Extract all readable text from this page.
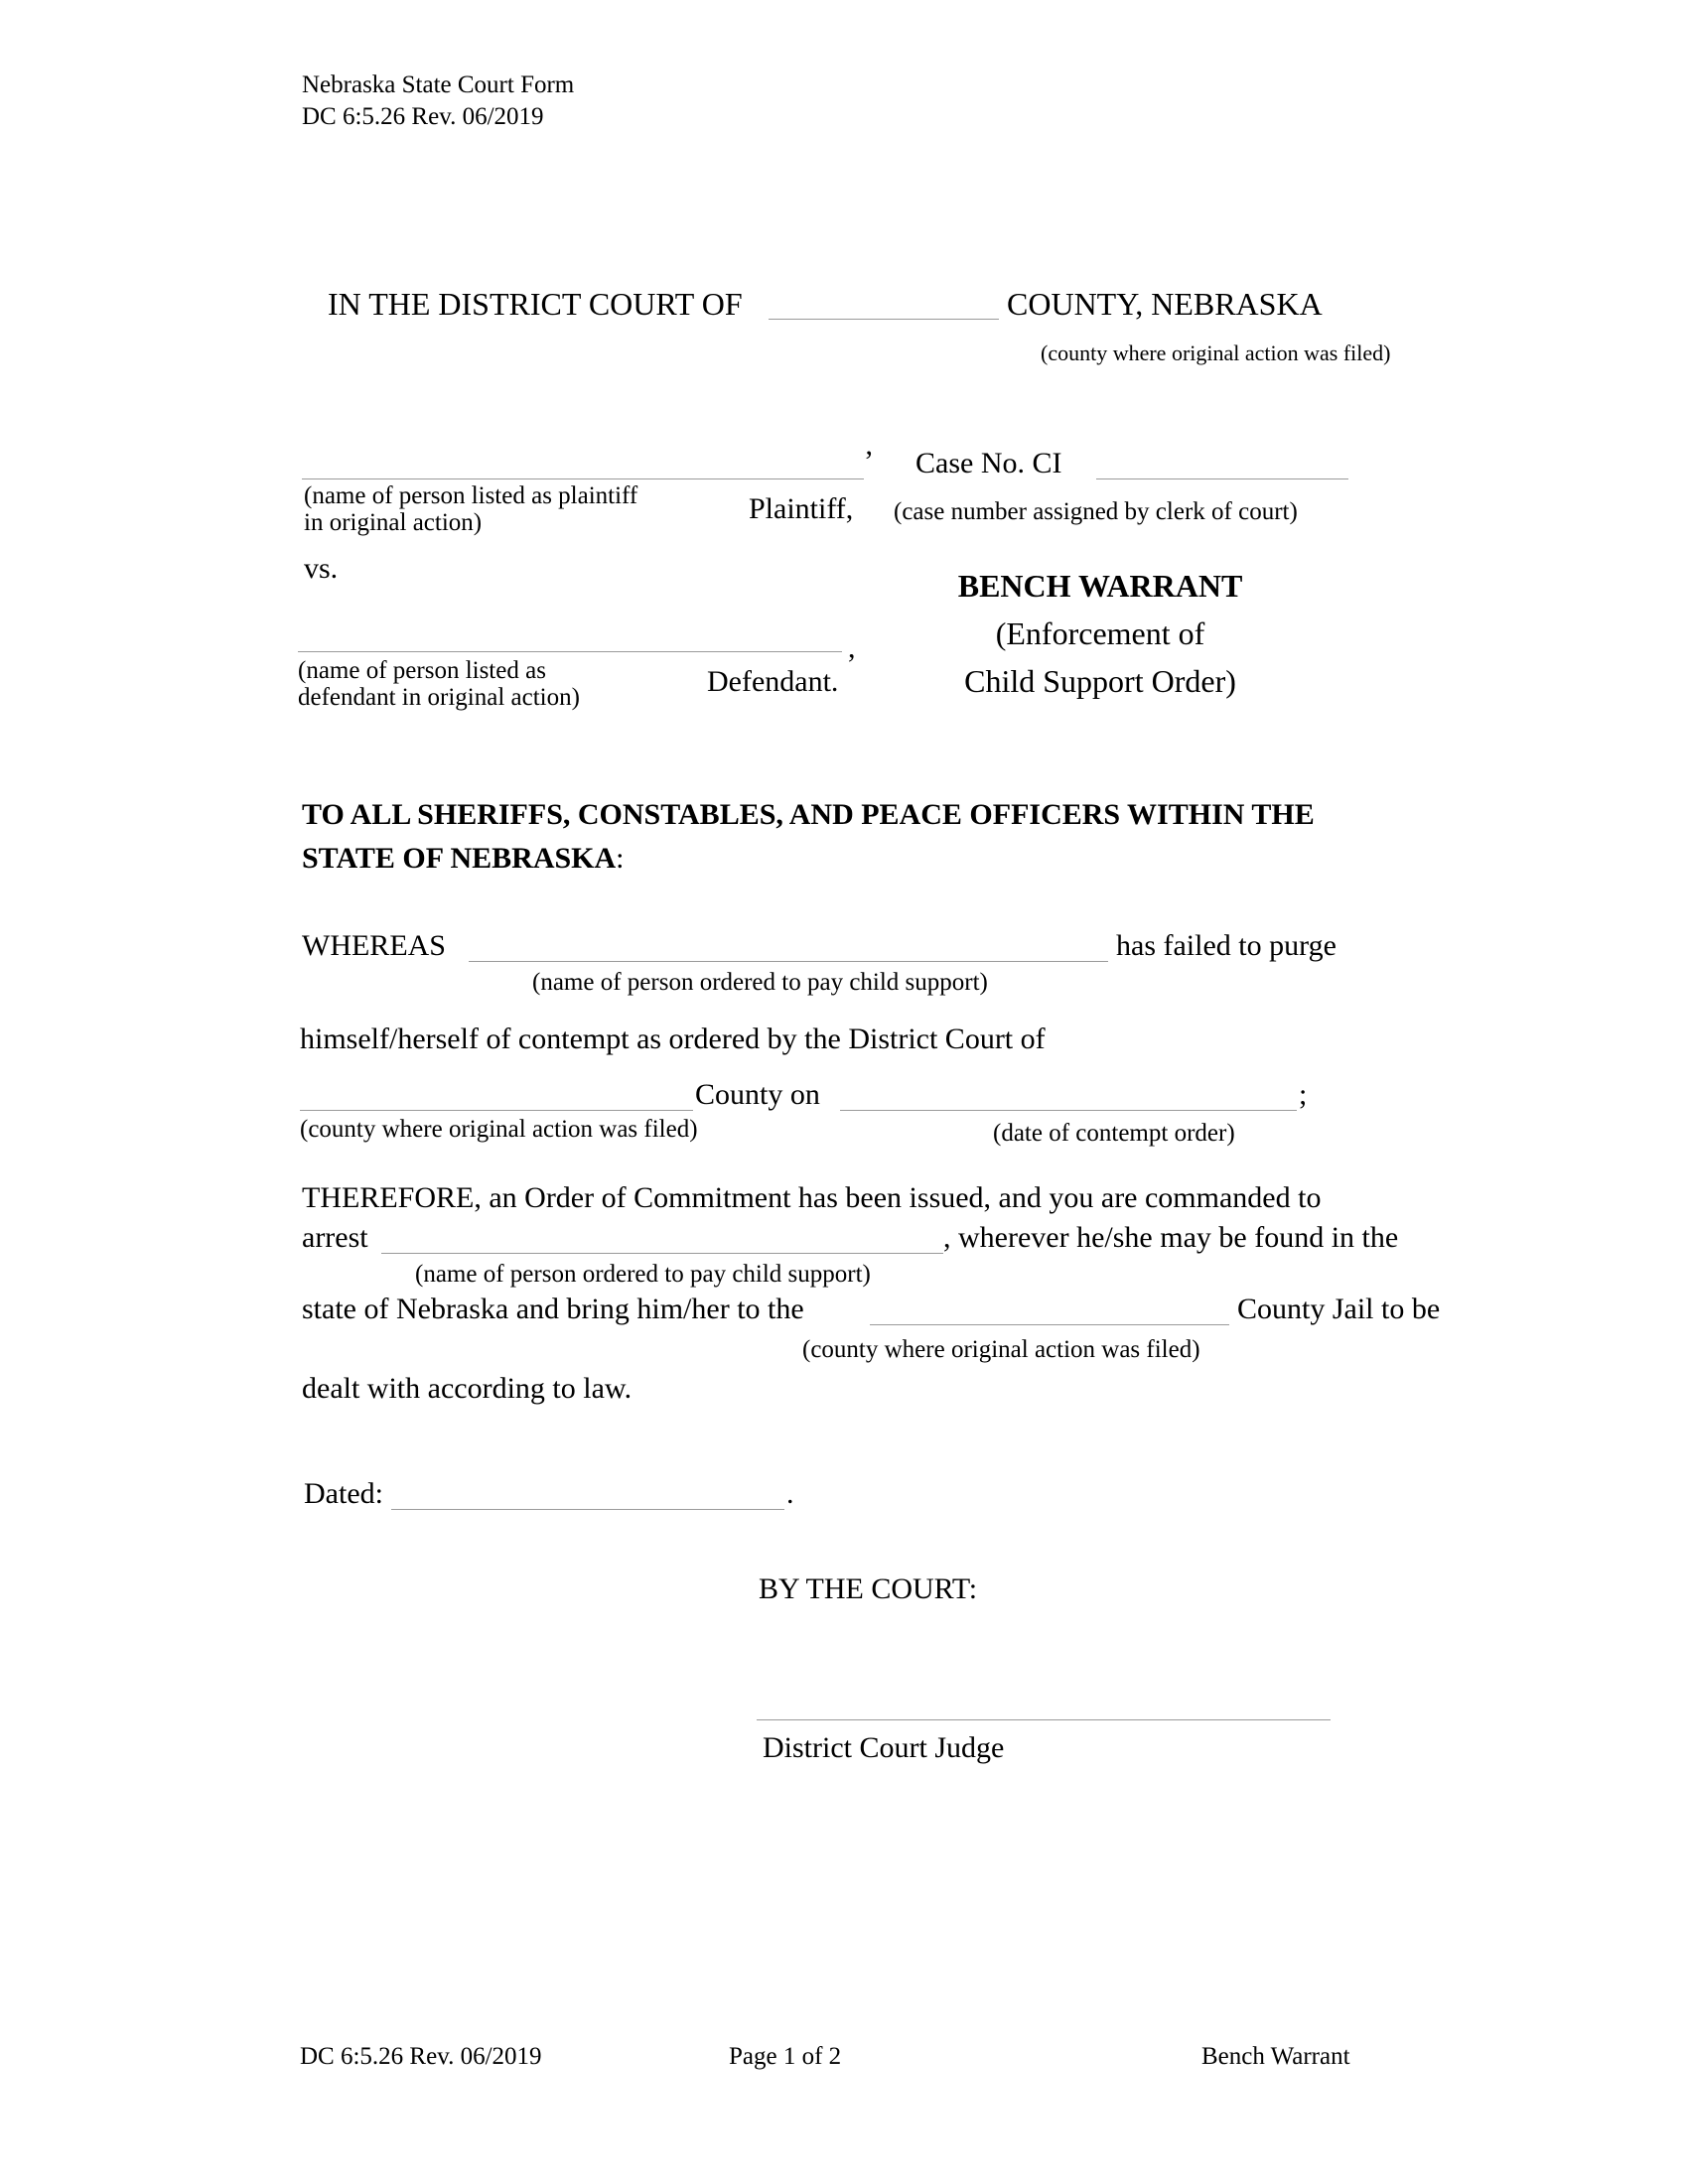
Nebraska State Court Form
DC 6:5.26 Rev. 06/2019
IN THE DISTRICT COURT OF	COUNTY, NEBRASKA
(county where original action was filed)
’
(name of person listed as plaintiff
in original action)	Plaintiff,
Case No. CI
(case number assigned by clerk of court)
vs.
,
(name of person listed as
defendant in original action)	Defendant.
BENCH WARRANT
(Enforcement of
Child Support Order)
TO ALL SHERIFFS, CONSTABLES, AND PEACE OFFICERS WITHIN THE
STATE OF NEBRASKA:
WHEREAS	has failed to purge
(name of person ordered to pay child support)
himself/herself of contempt as ordered by the District Court of
County on	;
(county where original action was filed)	(date of contempt order)
THEREFORE, an Order of Commitment has been issued, and you are commanded to
arrest	, wherever he/she may be found in the
(name of person ordered to pay child support)
state of Nebraska and bring him/her to the	County Jail to be
(county where original action was filed)
dealt with according to law.
Dated:	.
BY THE COURT:
District Court Judge
DC 6:5.26 Rev. 06/2019	Page 1 of 2	Bench Warrant
